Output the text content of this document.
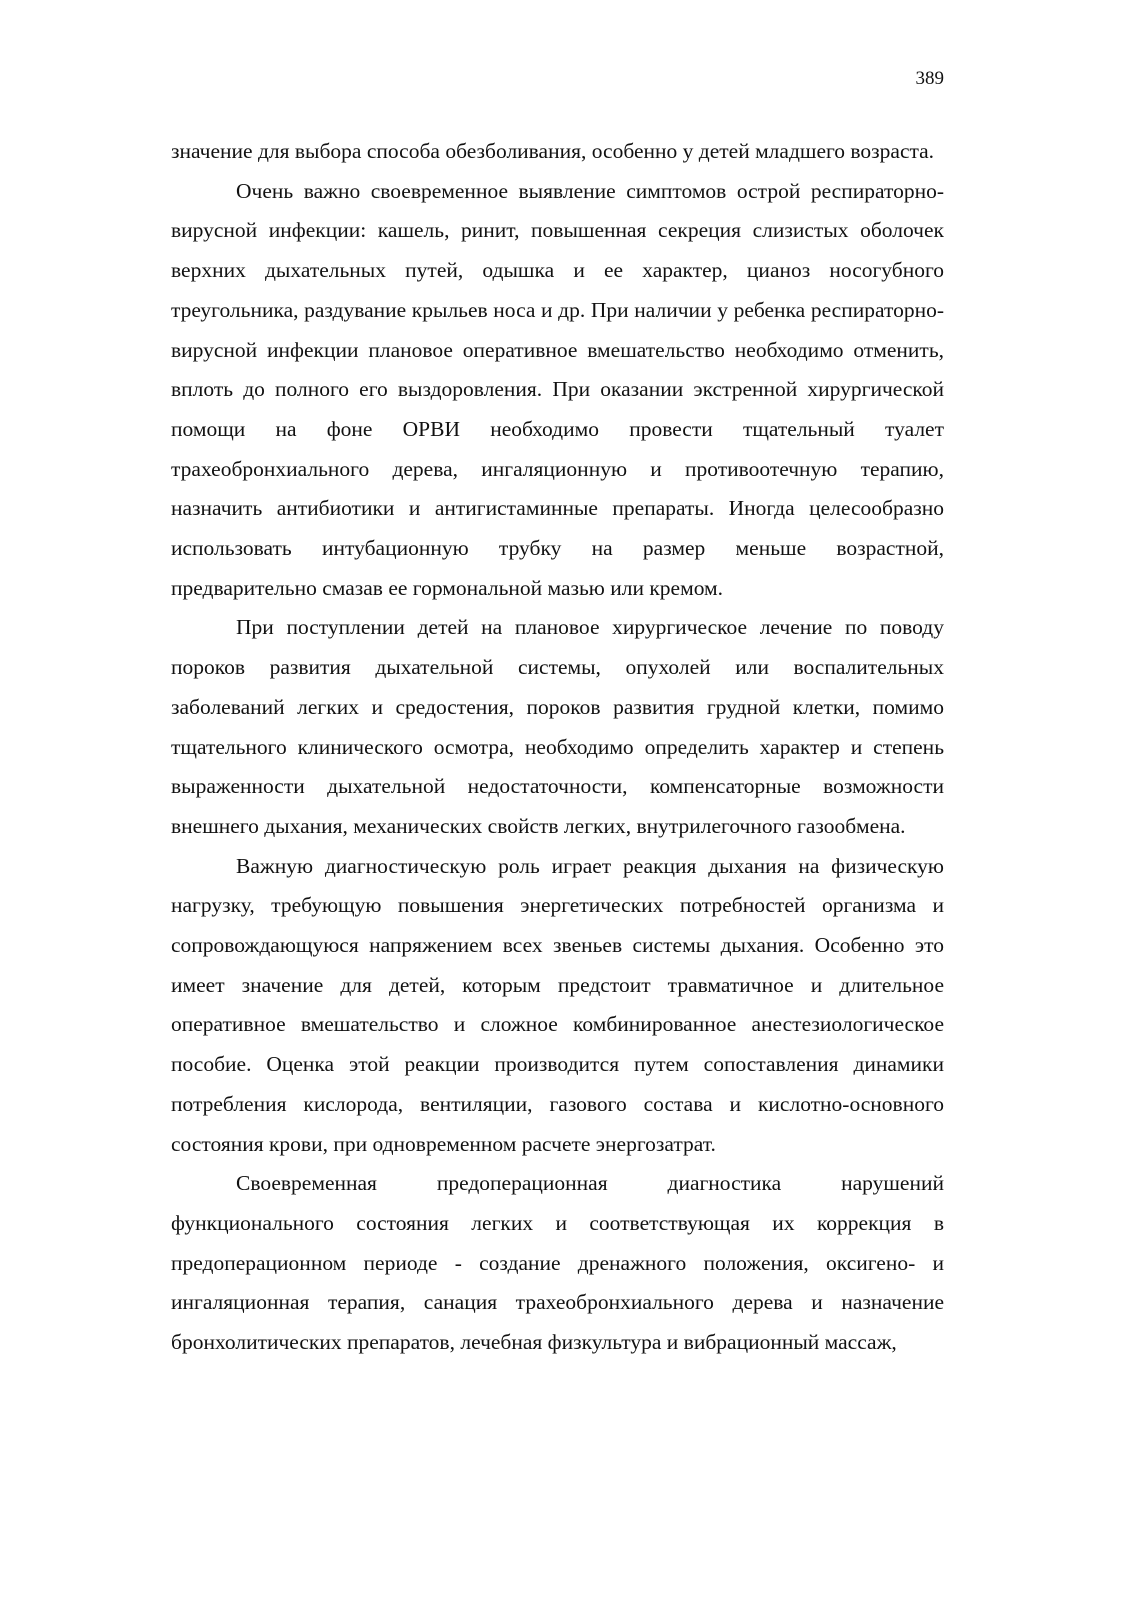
389

значение для выбора способа обезболивания, особенно у детей младшего возраста.

Очень важно своевременное выявление симптомов острой респираторно-вирусной инфекции: кашель, ринит, повышенная секреция слизистых оболочек верхних дыхательных путей, одышка и ее характер, цианоз носогубного треугольника, раздувание крыльев носа и др. При наличии у ребенка респираторно-вирусной инфекции плановое оперативное вмешательство необходимо отменить, вплоть до полного его выздоровления. При оказании экстренной хирургической помощи на фоне ОРВИ необходимо провести тщательный туалет трахеобронхиального дерева, ингаляционную и противоотечную терапию, назначить антибиотики и антигистаминные препараты. Иногда целесообразно использовать интубационную трубку на размер меньше возрастной, предварительно смазав ее гормональной мазью или кремом.

При поступлении детей на плановое хирургическое лечение по поводу пороков развития дыхательной системы, опухолей или воспалительных заболеваний легких и средостения, пороков развития грудной клетки, помимо тщательного клинического осмотра, необходимо определить характер и степень выраженности дыхательной недостаточности, компенсаторные возможности внешнего дыхания, механических свойств легких, внутрилегочного газообмена.

Важную диагностическую роль играет реакция дыхания на физическую нагрузку, требующую повышения энергетических потребностей организма и сопровождающуюся напряжением всех звеньев системы дыхания. Особенно это имеет значение для детей, которым предстоит травматичное и длительное оперативное вмешательство и сложное комбинированное анестезиологическое пособие. Оценка этой реакции производится путем сопоставления динамики потребления кислорода, вентиляции, газового состава и кислотно-основного состояния крови, при одновременном расчете энергозатрат.

Своевременная предоперационная диагностика нарушений функционального состояния легких и соответствующая их коррекция в предоперационном периоде - создание дренажного положения, оксигено- и ингаляционная терапия, санация трахеобронхиального дерева и назначение бронхолитических препаратов, лечебная физкультура и вибрационный массаж,
